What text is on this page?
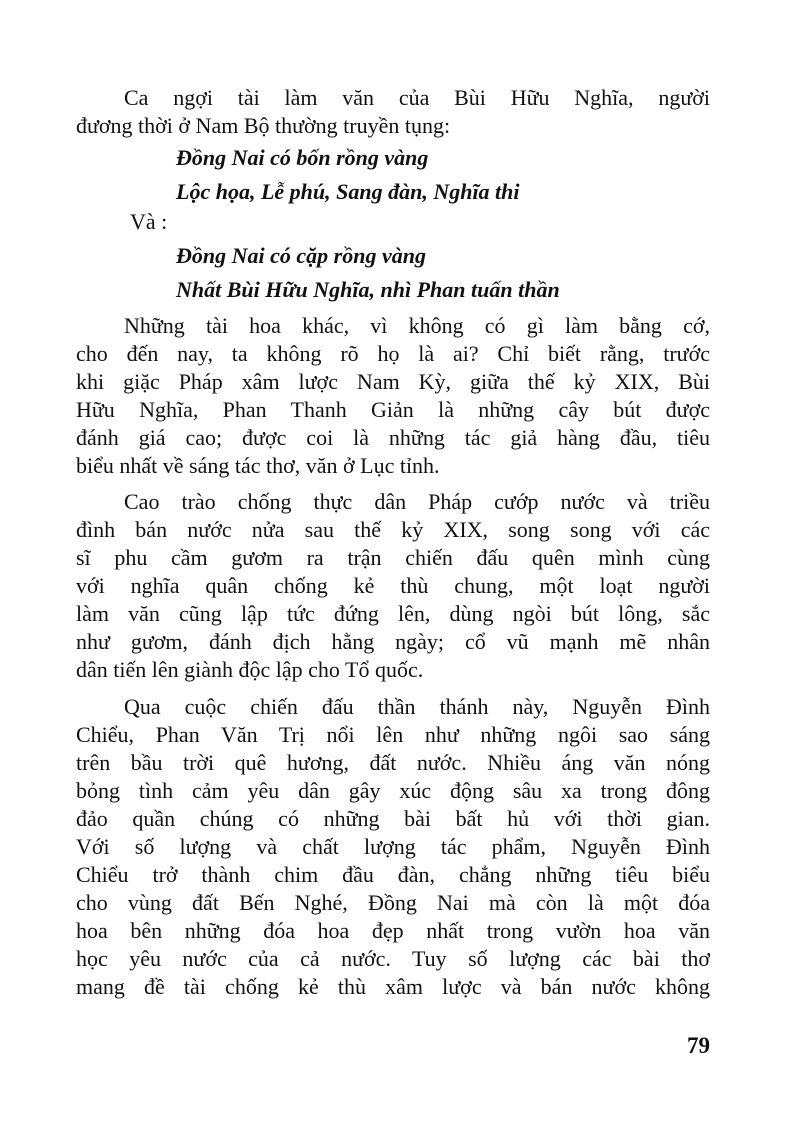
Ca ngợi tài làm văn của Bùi Hữu Nghĩa, người
đương thời ở Nam Bộ thường truyền tụng:
Đồng Nai có bốn rồng vàng
Lộc họa, Lễ phú, Sang đàn, Nghĩa thi
Và :
Đồng Nai có cặp rồng vàng
Nhất Bùi Hữu Nghĩa, nhì Phan tuấn thần
Những tài hoa khác, vì không có gì làm bằng cớ,
cho đến nay, ta không rõ họ là ai? Chỉ biết rằng, trước
khi giặc Pháp xâm lược Nam Kỳ, giữa thế kỷ XIX, Bùi
Hữu Nghĩa, Phan Thanh Giản là những cây bút được
đánh giá cao; được coi là những tác giả hàng đầu, tiêu
biểu nhất về sáng tác thơ, văn ở Lục tỉnh.
Cao trào chống thực dân Pháp cướp nước và triều
đình bán nước nửa sau thế kỷ XIX, song song với các
sĩ phu cầm gươm ra trận chiến đấu quên mình cùng
với nghĩa quân chống kẻ thù chung, một loạt người
làm văn cũng lập tức đứng lên, dùng ngòi bút lông, sắc
như gươm, đánh địch hằng ngày; cổ vũ mạnh mẽ nhân
dân tiến lên giành độc lập cho Tổ quốc.
Qua cuộc chiến đấu thần thánh này, Nguyễn Đình
Chiểu, Phan Văn Trị nổi lên như những ngôi sao sáng
trên bầu trời quê hương, đất nước. Nhiều áng văn nóng
bỏng tình cảm yêu dân gây xúc động sâu xa trong đông
đảo quần chúng có những bài bất hủ với thời gian.
Với số lượng và chất lượng tác phẩm, Nguyễn Đình
Chiểu trở thành chim đầu đàn, chẳng những tiêu biểu
cho vùng đất Bến Nghé, Đồng Nai mà còn là một đóa
hoa bên những đóa hoa đẹp nhất trong vườn hoa văn
học yêu nước của cả nước. Tuy số lượng các bài thơ
mang đề tài chống kẻ thù xâm lược và bán nước không
79
